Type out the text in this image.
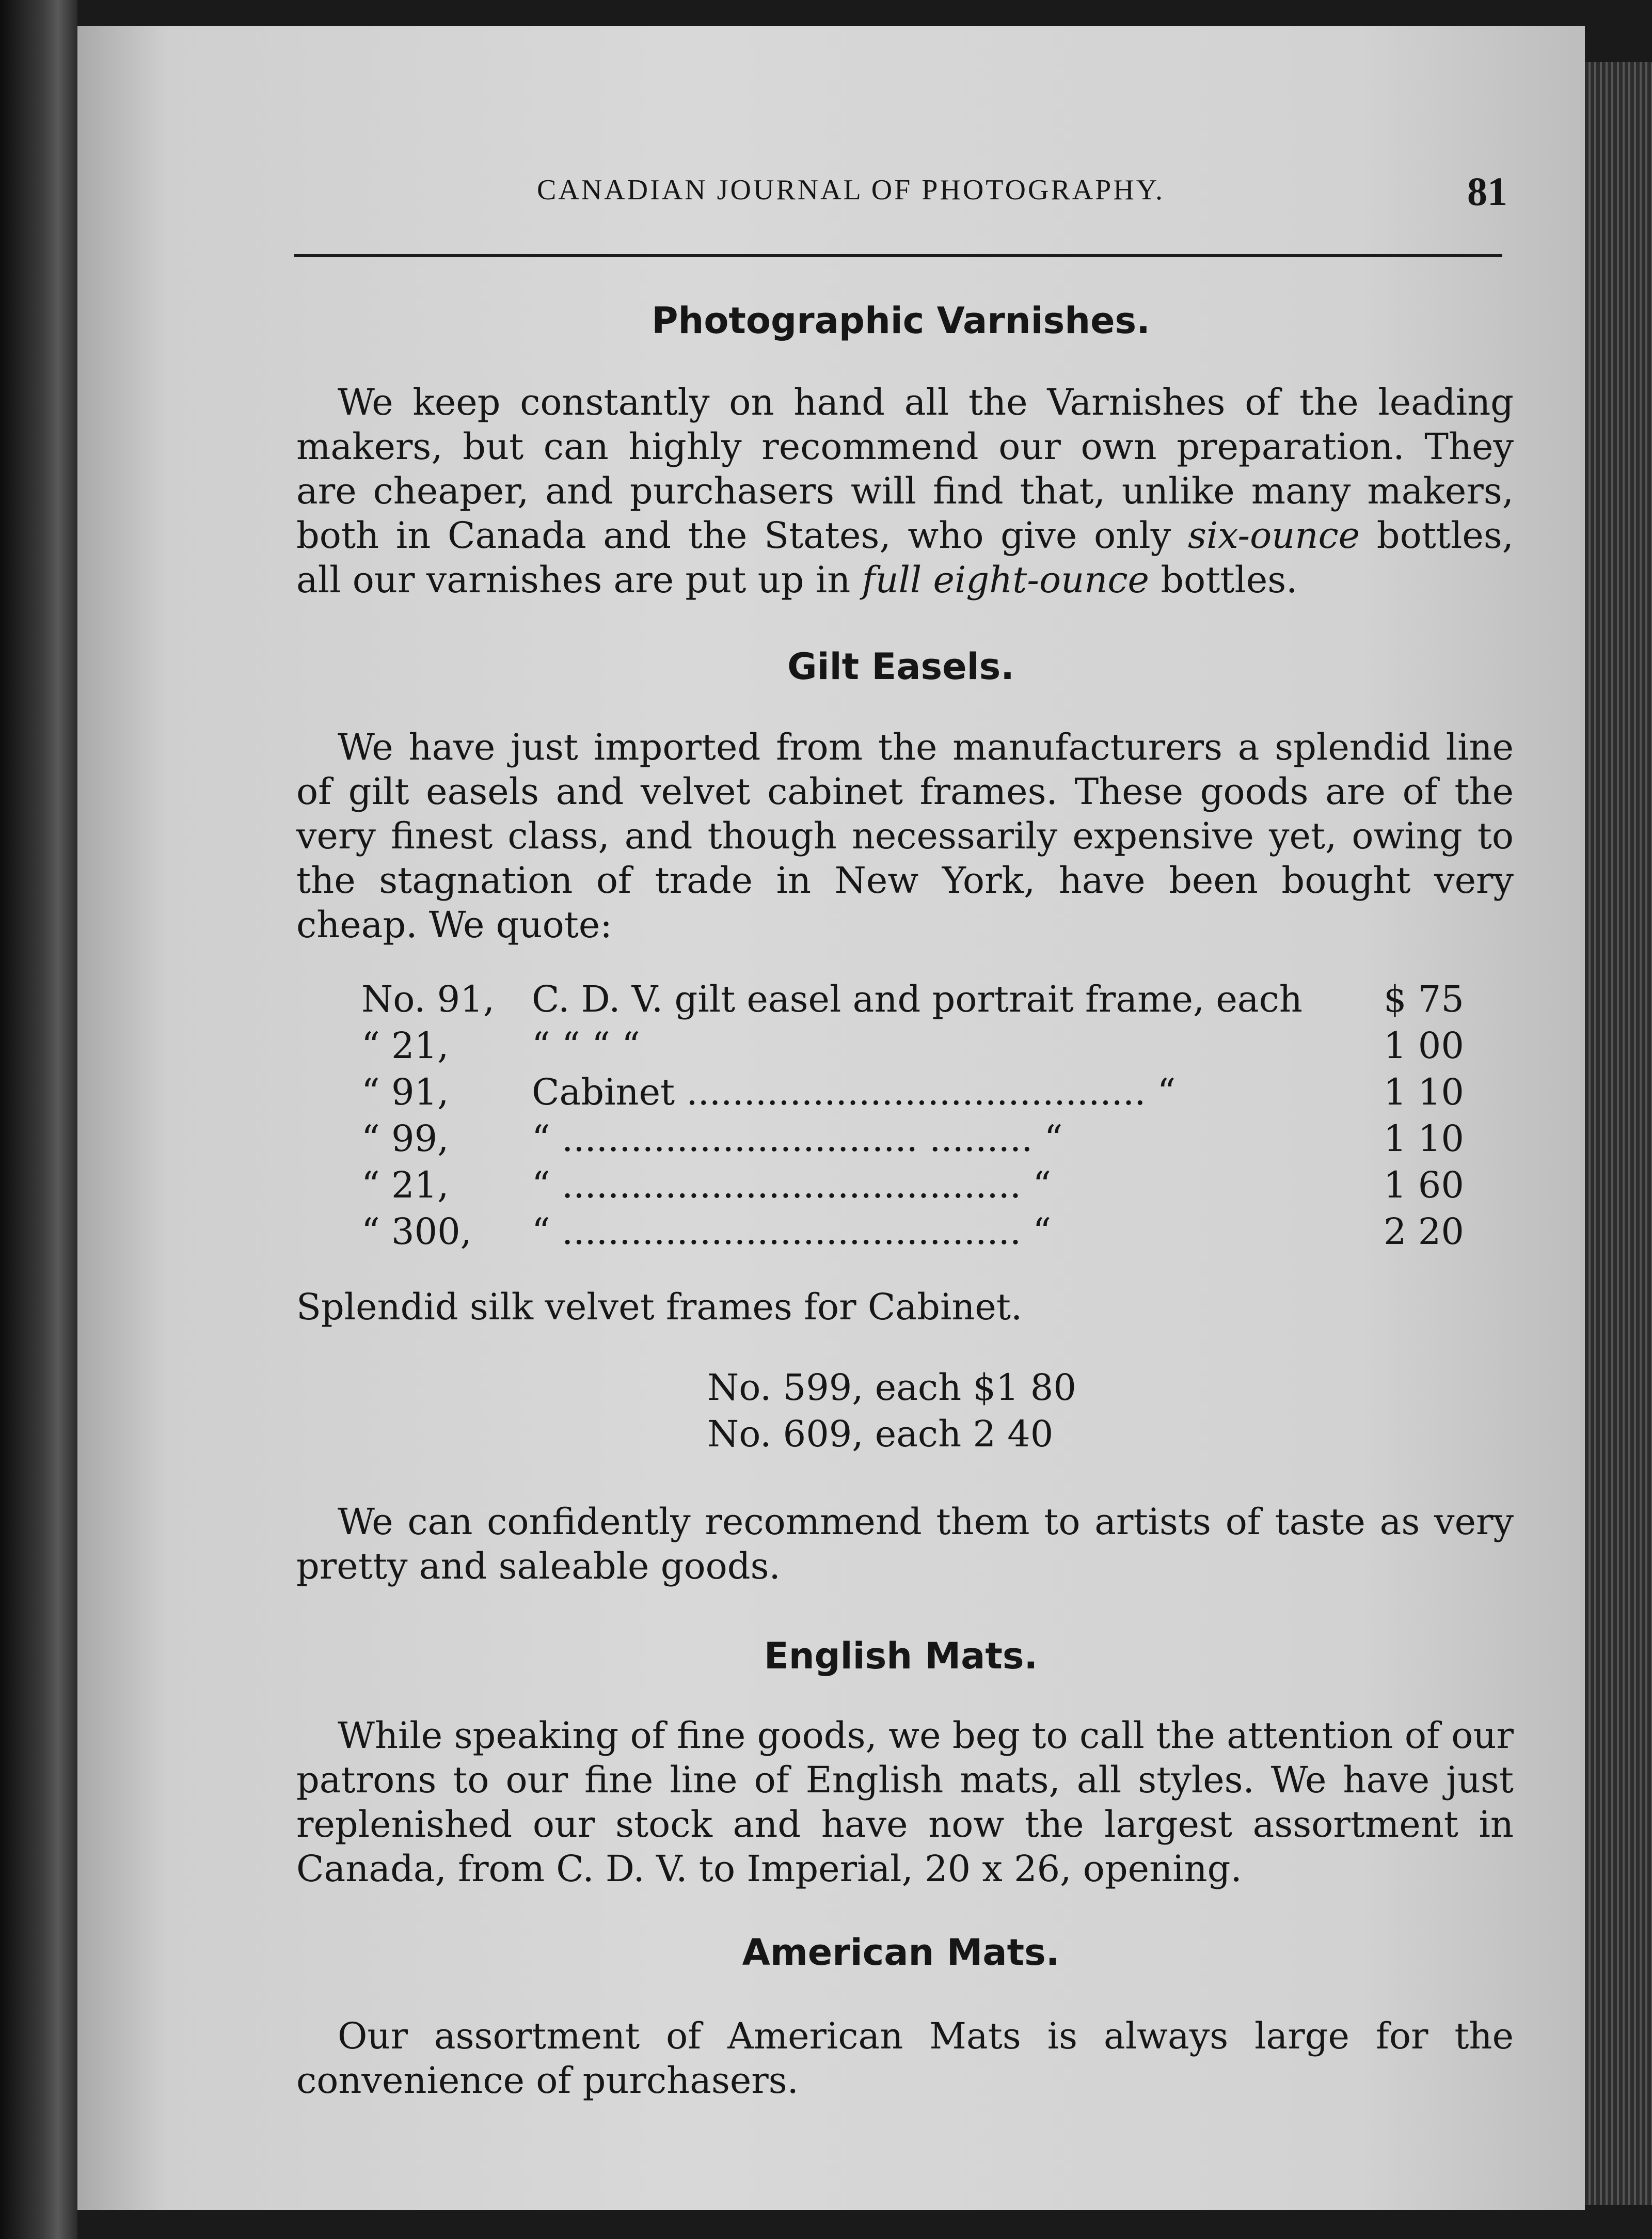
CANADIAN JOURNAL OF PHOTOGRAPHY.	81
Photographic Varnishes.
We keep constantly on hand all the Varnishes of the leading makers, but can highly recommend our own preparation. They are cheaper, and purchasers will find that, unlike many makers, both in Canada and the States, who give only six-ounce bottles, all our varnishes are put up in full eight-ounce bottles.
Gilt Easels.
We have just imported from the manufacturers a splendid line of gilt easels and velvet cabinet frames. These goods are of the very finest class, and though necessarily expensive yet, owing to the stagnation of trade in New York, have been bought very cheap. We quote:
No. 91,	C. D. V. gilt easel and portrait frame, each	$ 75
“ 21,	“ “ “ “	1 00
“ 91,	Cabinet ........................................ “	1 10
“ 99,	“ ............................... ......... “	1 10
“ 21,	“ ........................................ “	1 60
“ 300,	“ ........................................ “	2 20
Splendid silk velvet frames for Cabinet.
No. 599, each $1 80
No. 609, each 2 40
We can confidently recommend them to artists of taste as very pretty and saleable goods.
English Mats.
While speaking of fine goods, we beg to call the attention of our patrons to our fine line of English mats, all styles. We have just replenished our stock and have now the largest assortment in Canada, from C. D. V. to Imperial, 20 x 26, opening.
American Mats.
Our assortment of American Mats is always large for the convenience of purchasers.
